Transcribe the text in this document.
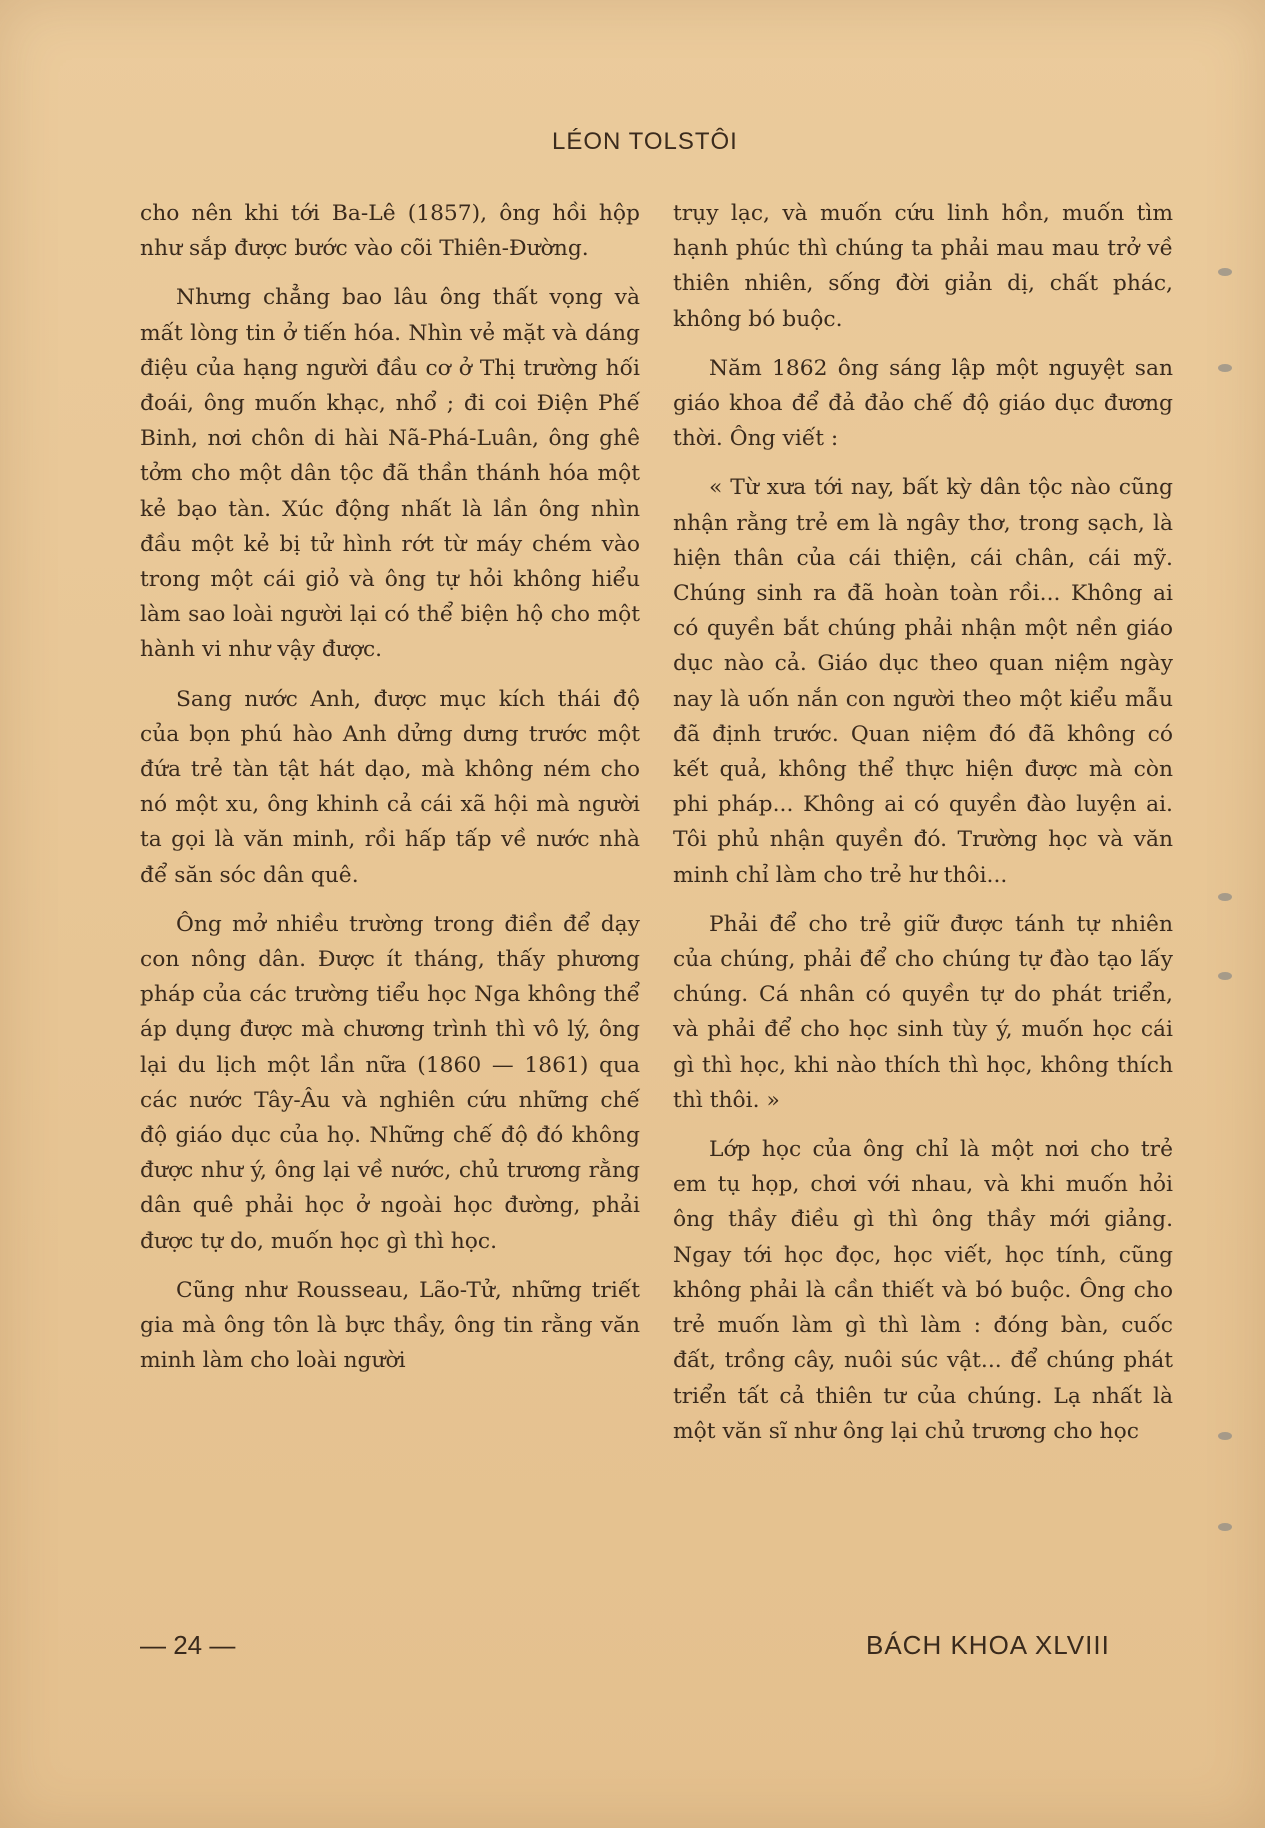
LÉON TOLSTÔI

cho nên khi tới Ba-Lê (1857), ông hồi hộp như sắp được bước vào cõi Thiên-Đường.

Nhưng chẳng bao lâu ông thất vọng và mất lòng tin ở tiến hóa. Nhìn vẻ mặt và dáng điệu của hạng người đầu cơ ở Thị trường hối đoái, ông muốn khạc, nhổ ; đi coi Điện Phế Binh, nơi chôn di hài Nã-Phá-Luân, ông ghê tởm cho một dân tộc đã thần thánh hóa một kẻ bạo tàn. Xúc động nhất là lần ông nhìn đầu một kẻ bị tử hình rớt từ máy chém vào trong một cái giỏ và ông tự hỏi không hiểu làm sao loài người lại có thể biện hộ cho một hành vi như vậy được.

Sang nước Anh, được mục kích thái độ của bọn phú hào Anh dửng dưng trước một đứa trẻ tàn tật hát dạo, mà không ném cho nó một xu, ông khinh cả cái xã hội mà người ta gọi là văn minh, rồi hấp tấp về nước nhà để săn sóc dân quê.

Ông mở nhiều trường trong điền để dạy con nông dân. Được ít tháng, thấy phương pháp của các trường tiểu học Nga không thể áp dụng được mà chương trình thì vô lý, ông lại du lịch một lần nữa (1860 — 1861) qua các nước Tây-Âu và nghiên cứu những chế độ giáo dục của họ. Những chế độ đó không được như ý, ông lại về nước, chủ trương rằng dân quê phải học ở ngoài học đường, phải được tự do, muốn học gì thì học.

Cũng như Rousseau, Lão-Tử, những triết gia mà ông tôn là bực thầy, ông tin rằng văn minh làm cho loài người

trụy lạc, và muốn cứu linh hồn, muốn tìm hạnh phúc thì chúng ta phải mau mau trở về thiên nhiên, sống đời giản dị, chất phác, không bó buộc.

Năm 1862 ông sáng lập một nguyệt san giáo khoa để đả đảo chế độ giáo dục đương thời. Ông viết :

« Từ xưa tới nay, bất kỳ dân tộc nào cũng nhận rằng trẻ em là ngây thơ, trong sạch, là hiện thân của cái thiện, cái chân, cái mỹ. Chúng sinh ra đã hoàn toàn rồi... Không ai có quyền bắt chúng phải nhận một nền giáo dục nào cả. Giáo dục theo quan niệm ngày nay là uốn nắn con người theo một kiểu mẫu đã định trước. Quan niệm đó đã không có kết quả, không thể thực hiện được mà còn phi pháp... Không ai có quyền đào luyện ai. Tôi phủ nhận quyền đó. Trường học và văn minh chỉ làm cho trẻ hư thôi...

Phải để cho trẻ giữ được tánh tự nhiên của chúng, phải để cho chúng tự đào tạo lấy chúng. Cá nhân có quyền tự do phát triển, và phải để cho học sinh tùy ý, muốn học cái gì thì học, khi nào thích thì học, không thích thì thôi. »

Lớp học của ông chỉ là một nơi cho trẻ em tụ họp, chơi với nhau, và khi muốn hỏi ông thầy điều gì thì ông thầy mới giảng. Ngay tới học đọc, học viết, học tính, cũng không phải là cần thiết và bó buộc. Ông cho trẻ muốn làm gì thì làm : đóng bàn, cuốc đất, trồng cây, nuôi súc vật... để chúng phát triển tất cả thiên tư của chúng. Lạ nhất là một văn sĩ như ông lại chủ trương cho học

— 24 —	BÁCH KHOA XLVIII
